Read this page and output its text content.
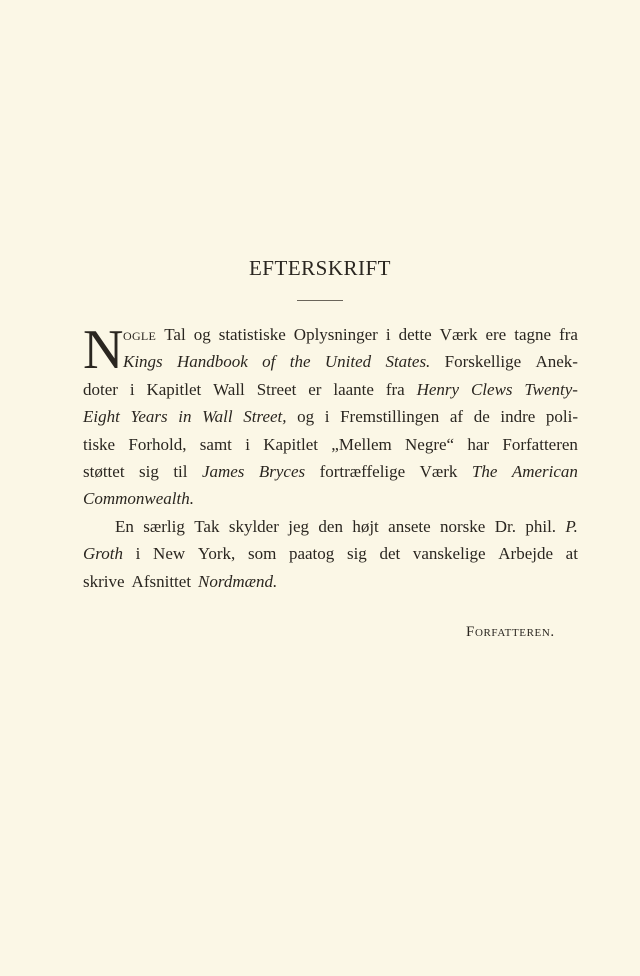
EFTERSKRIFT
N ogle Tal og statistiske Oplysninger i dette Værk ere tagne fra
Kings Handbook of the United States. Forskellige Anek-
doter i Kapitlet Wall Street er laante fra Henry Clews Twenty-
Eight Years in Wall Street, og i Fremstillingen af de indre poli-
tiske Forhold, samt i Kapitlet „Mellem Negre“ har Forfatteren
støttet sig til James Bryces fortræffelige Værk The American
Commonwealth.
En særlig Tak skylder jeg den højt ansete norske Dr. phil. P.
Groth i New York, som paatog sig det vanskelige Arbejde at
skrive Afsnittet Nordmænd.
Forfatteren.
